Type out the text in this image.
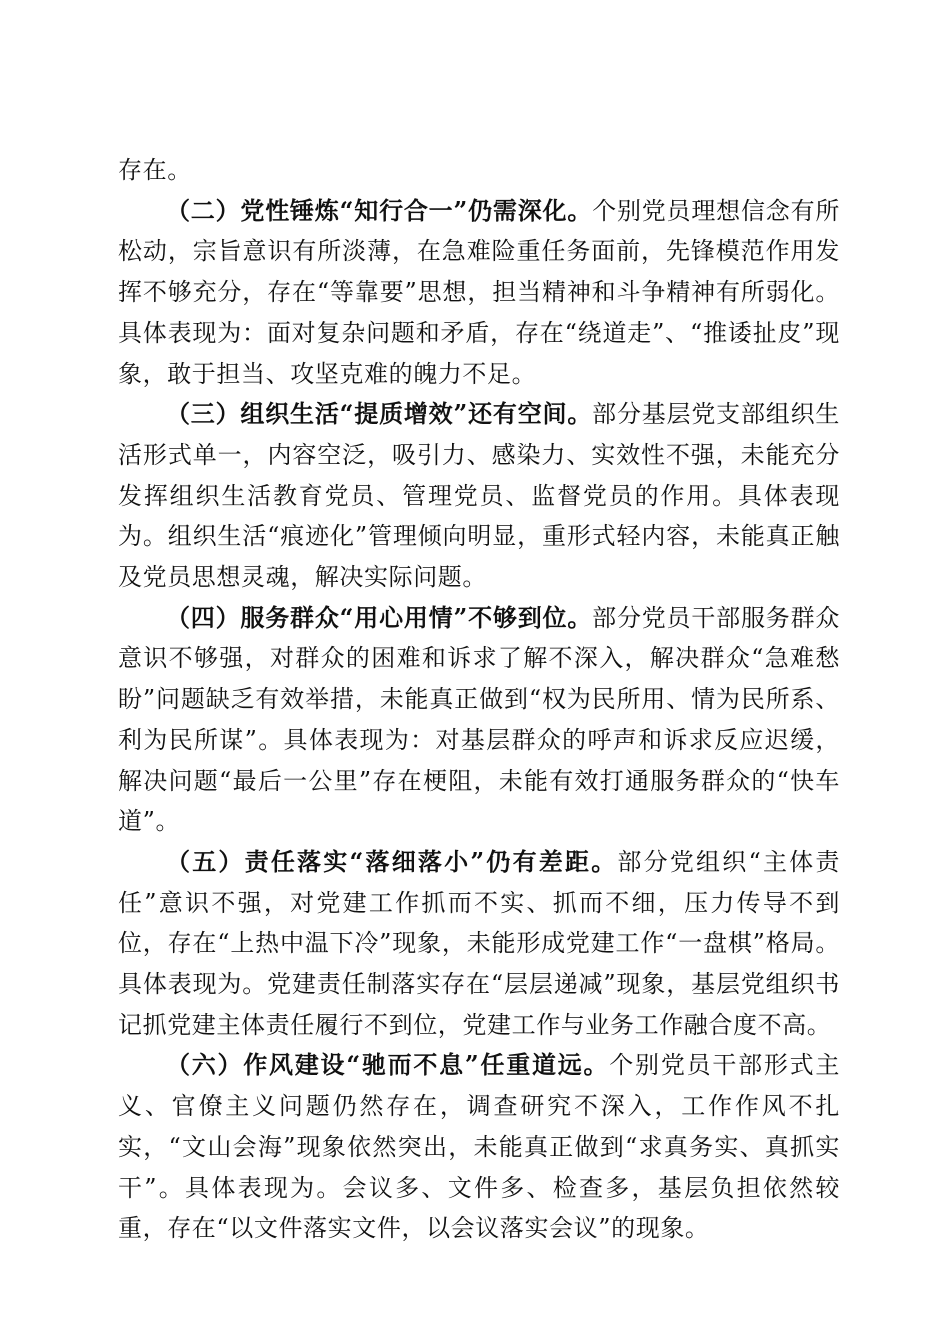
存在。

（二）党性锤炼“知行合一”仍需深化。个别党员理想信念有所松动，宗旨意识有所淡薄，在急难险重任务面前，先锋模范作用发挥不够充分，存在“等靠要”思想，担当精神和斗争精神有所弱化。具体表现为：面对复杂问题和矛盾，存在“绕道走”、“推诿扯皮”现象，敢于担当、攻坚克难的魄力不足。

（三）组织生活“提质增效”还有空间。部分基层党支部组织生活形式单一，内容空泛，吸引力、感染力、实效性不强，未能充分发挥组织生活教育党员、管理党员、监督党员的作用。具体表现为。组织生活“痕迹化”管理倾向明显，重形式轻内容，未能真正触及党员思想灵魂，解决实际问题。

（四）服务群众“用心用情”不够到位。部分党员干部服务群众意识不够强，对群众的困难和诉求了解不深入，解决群众“急难愁盼”问题缺乏有效举措，未能真正做到“权为民所用、情为民所系、利为民所谋”。具体表现为：对基层群众的呼声和诉求反应迟缓，解决问题“最后一公里”存在梗阻，未能有效打通服务群众的“快车道”。

（五）责任落实“落细落小”仍有差距。部分党组织“主体责任”意识不强，对党建工作抓而不实、抓而不细，压力传导不到位，存在“上热中温下冷”现象，未能形成党建工作“一盘棋”格局。具体表现为。党建责任制落实存在“层层递减”现象，基层党组织书记抓党建主体责任履行不到位，党建工作与业务工作融合度不高。

（六）作风建设“驰而不息”任重道远。个别党员干部形式主义、官僚主义问题仍然存在，调查研究不深入，工作作风不扎实，“文山会海”现象依然突出，未能真正做到“求真务实、真抓实干”。具体表现为。会议多、文件多、检查多，基层负担依然较重，存在“以文件落实文件，以会议落实会议”的现象。
